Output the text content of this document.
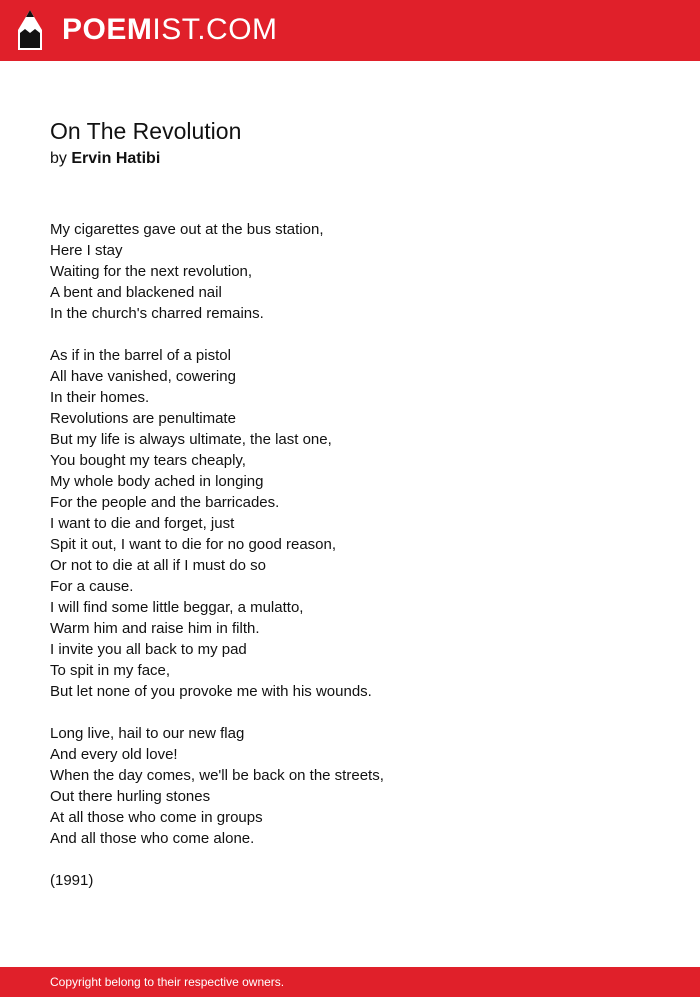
POEMIST.COM
On The Revolution
by Ervin Hatibi
My cigarettes gave out at the bus station,
Here I stay
Waiting for the next revolution,
A bent and blackened nail
In the church's charred remains.
As if in the barrel of a pistol
All have vanished, cowering
In their homes.
Revolutions are penultimate
But my life is always ultimate, the last one,
You bought my tears cheaply,
My whole body ached in longing
For the people and the barricades.
I want to die and forget, just
Spit it out, I want to die for no good reason,
Or not to die at all if I must do so
For a cause.
I will find some little beggar, a mulatto,
Warm him and raise him in filth.
I invite you all back to my pad
To spit in my face,
But let none of you provoke me with his wounds.
Long live, hail to our new flag
And every old love!
When the day comes, we'll be back on the streets,
Out there hurling stones
At all those who come in groups
And all those who come alone.
(1991)
Copyright belong to their respective owners.
